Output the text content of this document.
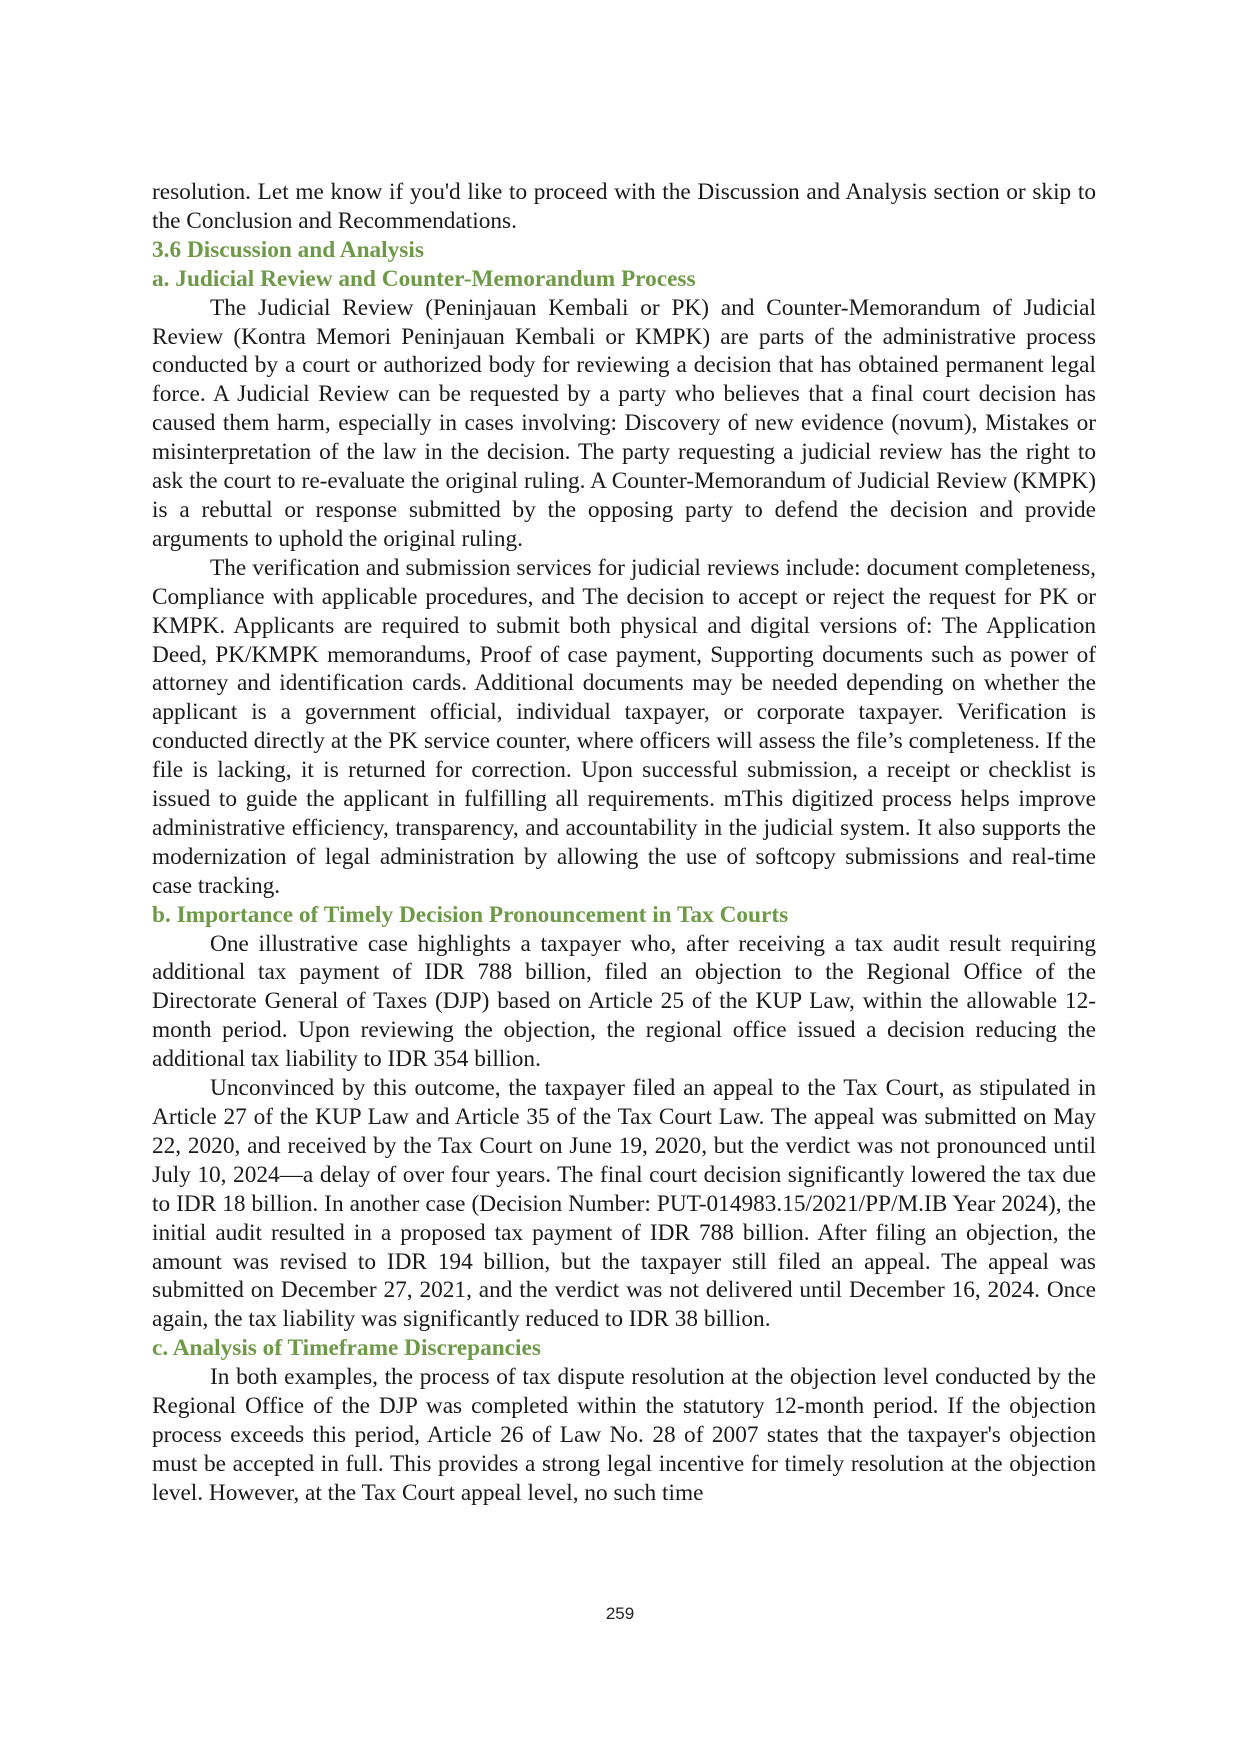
resolution. Let me know if you'd like to proceed with the Discussion and Analysis section or skip to the Conclusion and Recommendations.

3.6 Discussion and Analysis
a. Judicial Review and Counter-Memorandum Process

The Judicial Review (Peninjauan Kembali or PK) and Counter-Memorandum of Judicial Review (Kontra Memori Peninjauan Kembali or KMPK) are parts of the administrative process conducted by a court or authorized body for reviewing a decision that has obtained permanent legal force. A Judicial Review can be requested by a party who believes that a final court decision has caused them harm, especially in cases involving: Discovery of new evidence (novum), Mistakes or misinterpretation of the law in the decision. The party requesting a judicial review has the right to ask the court to re-evaluate the original ruling. A Counter-Memorandum of Judicial Review (KMPK) is a rebuttal or response submitted by the opposing party to defend the decision and provide arguments to uphold the original ruling.

The verification and submission services for judicial reviews include: document completeness, Compliance with applicable procedures, and The decision to accept or reject the request for PK or KMPK. Applicants are required to submit both physical and digital versions of: The Application Deed, PK/KMPK memorandums, Proof of case payment, Supporting documents such as power of attorney and identification cards. Additional documents may be needed depending on whether the applicant is a government official, individual taxpayer, or corporate taxpayer. Verification is conducted directly at the PK service counter, where officers will assess the file’s completeness. If the file is lacking, it is returned for correction. Upon successful submission, a receipt or checklist is issued to guide the applicant in fulfilling all requirements. mThis digitized process helps improve administrative efficiency, transparency, and accountability in the judicial system. It also supports the modernization of legal administration by allowing the use of softcopy submissions and real-time case tracking.

b. Importance of Timely Decision Pronouncement in Tax Courts

One illustrative case highlights a taxpayer who, after receiving a tax audit result requiring additional tax payment of IDR 788 billion, filed an objection to the Regional Office of the Directorate General of Taxes (DJP) based on Article 25 of the KUP Law, within the allowable 12-month period. Upon reviewing the objection, the regional office issued a decision reducing the additional tax liability to IDR 354 billion.

Unconvinced by this outcome, the taxpayer filed an appeal to the Tax Court, as stipulated in Article 27 of the KUP Law and Article 35 of the Tax Court Law. The appeal was submitted on May 22, 2020, and received by the Tax Court on June 19, 2020, but the verdict was not pronounced until July 10, 2024—a delay of over four years. The final court decision significantly lowered the tax due to IDR 18 billion. In another case (Decision Number: PUT-014983.15/2021/PP/M.IB Year 2024), the initial audit resulted in a proposed tax payment of IDR 788 billion. After filing an objection, the amount was revised to IDR 194 billion, but the taxpayer still filed an appeal. The appeal was submitted on December 27, 2021, and the verdict was not delivered until December 16, 2024. Once again, the tax liability was significantly reduced to IDR 38 billion.

c. Analysis of Timeframe Discrepancies

In both examples, the process of tax dispute resolution at the objection level conducted by the Regional Office of the DJP was completed within the statutory 12-month period. If the objection process exceeds this period, Article 26 of Law No. 28 of 2007 states that the taxpayer's objection must be accepted in full. This provides a strong legal incentive for timely resolution at the objection level. However, at the Tax Court appeal level, no such time

259
